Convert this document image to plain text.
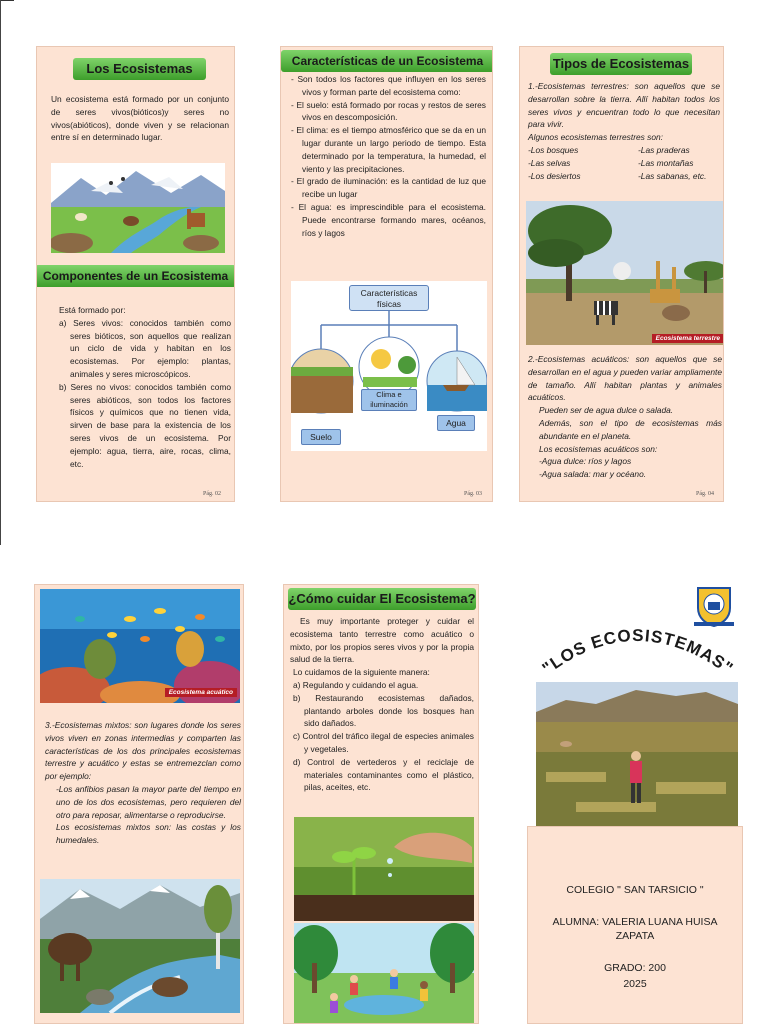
Los Ecosistemas
Un ecosistema está formado por un conjunto de seres vivos(bióticos)y seres no vivos(abióticos), donde viven y se relacionan entre sí en determinado lugar.
Componentes de un Ecosistema

Está formado por:

a) Seres vivos: conocidos también como seres bióticos, son aquellos que realizan un ciclo de vida y habitan en los ecosistemas. Por ejemplo: plantas, animales y seres microscópicos.
b) Seres no vivos: conocidos también como seres abióticos, son todos los factores físicos y químicos que no tienen vida, sirven de base para la existencia de los seres vivos de un ecosistema. Por ejemplo: agua, tierra, aire, rocas, clima, etc.
Pág. 02
Características de un Ecosistema
- Son todos los factores que influyen en los seres vivos y forman parte del ecosistema como:
- El suelo: está formado por rocas y restos de seres vivos en descomposición.
- El clima: es el tiempo atmosférico que se da en un lugar durante un largo periodo de tiempo. Esta determinado por la temperatura, la humedad, el viento y las precipitaciones.
- El grado de iluminación: es la cantidad de luz que recibe un lugar
- El agua: es imprescindible para el ecosistema. Puede encontrarse formando mares, océanos, ríos y lagos
Características físicas
Suelo
Clima e iluminación
Agua
Pág. 03
Tipos de Ecosistemas

1.-Ecosistemas terrestres: son aquellos que se desarrollan sobre la tierra. Allí habitan todos los seres vivos y encuentran todo lo que necesitan para vivir.

Algunos ecosistemas terrestres son:

-Los bosques	-Las praderas
-Las selvas	-Las montañas
-Los desiertos	-Las sabanas, etc.
Ecosistema terrestre

2.-Ecosistemas acuáticos: son aquellos que se desarrollan en el agua y pueden variar ampliamente de tamaño. Allí habitan plantas y animales acuáticos.

Pueden ser de agua dulce o salada.

Además, son el tipo de ecosistemas más abundante en el planeta.

Los ecosistemas acuáticos son:

-Agua dulce: ríos y lagos

-Agua salada: mar y océano.

Pág. 04
Ecosistema acuático

3.-Ecosistemas mixtos: son lugares donde los seres vivos viven en zonas intermedias y comparten las características de los dos principales ecosistemas terrestre y acuático y estas se entremezclan como por ejemplo:

-Los anfibios pasan la mayor parte del tiempo en uno de los dos ecosistemas, pero requieren del otro para reposar, alimentarse o reproducirse.

Los ecosistemas mixtos son: las costas y los humedales.

¿Cómo cuidar El Ecosistema?

Es muy importante proteger y cuidar el ecosistema tanto terrestre como acuático o mixto, por los propios seres vivos y por la propia salud de la tierra.

Lo cuidamos de la siguiente manera:

a) Regulando y cuidando el agua.
b) Restaurando ecosistemas dañados, plantando arboles donde los bosques han sido dañados.
c) Control del tráfico ilegal de especies animales y vegetales.
d) Control de vertederos y el reciclaje de materiales contaminantes como el plástico, pilas, aceites, etc.
"LOS ECOSISTEMAS"
COLEGIO " SAN TARSICIO "
ALUMNA: VALERIA LUANA HUISA ZAPATA
GRADO: 200
2025
